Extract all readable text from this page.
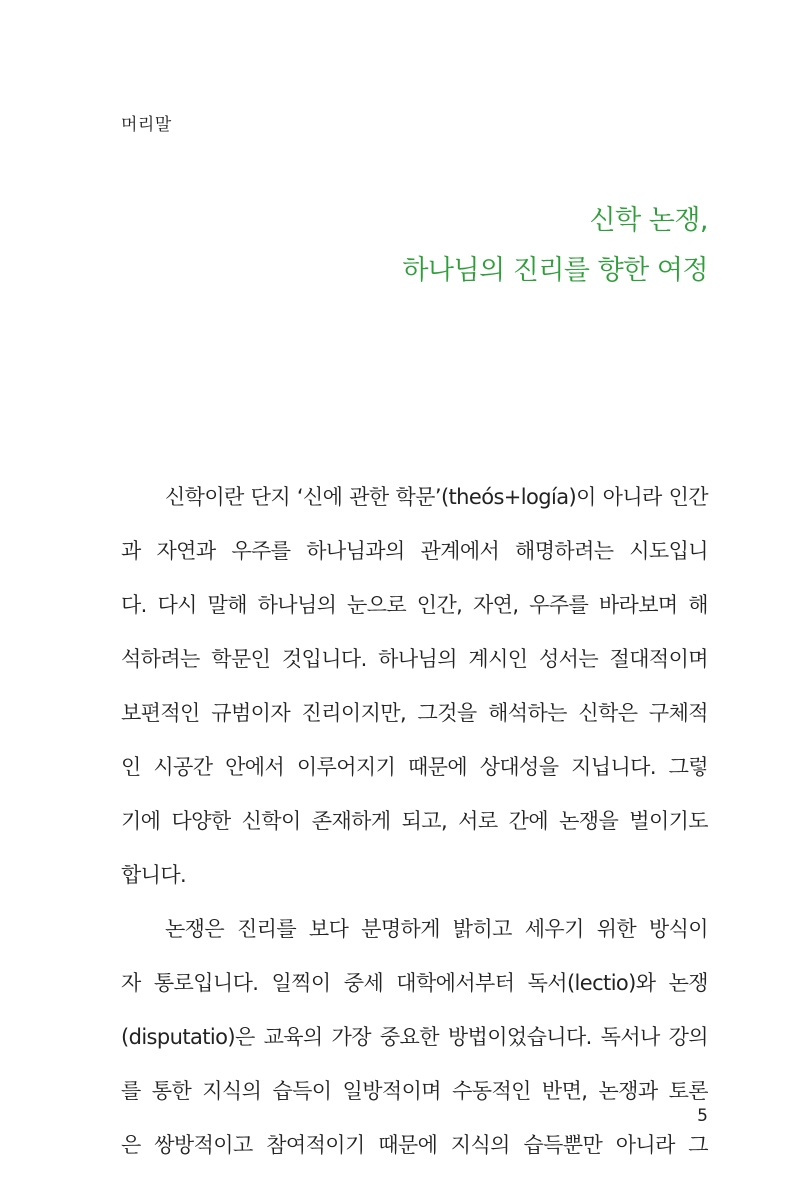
머리말
신학 논쟁,
하나님의 진리를 향한 여정
신학이란 단지 ‘신에 관한 학문’(theós+logía)이 아니라 인간
과 자연과 우주를 하나님과의 관계에서 해명하려는 시도입니
다. 다시 말해 하나님의 눈으로 인간, 자연, 우주를 바라보며 해
석하려는 학문인 것입니다. 하나님의 계시인 성서는 절대적이며
보편적인 규범이자 진리이지만, 그것을 해석하는 신학은 구체적
인 시공간 안에서 이루어지기 때문에 상대성을 지닙니다. 그렇
기에 다양한 신학이 존재하게 되고, 서로 간에 논쟁을 벌이기도
합니다.
논쟁은 진리를 보다 분명하게 밝히고 세우기 위한 방식이
자 통로입니다. 일찍이 중세 대학에서부터 독서(lectio)와 논쟁
(disputatio)은 교육의 가장 중요한 방법이었습니다. 독서나 강의
를 통한 지식의 습득이 일방적이며 수동적인 반면, 논쟁과 토론
은 쌍방적이고 참여적이기 때문에 지식의 습득뿐만 아니라 그
5
